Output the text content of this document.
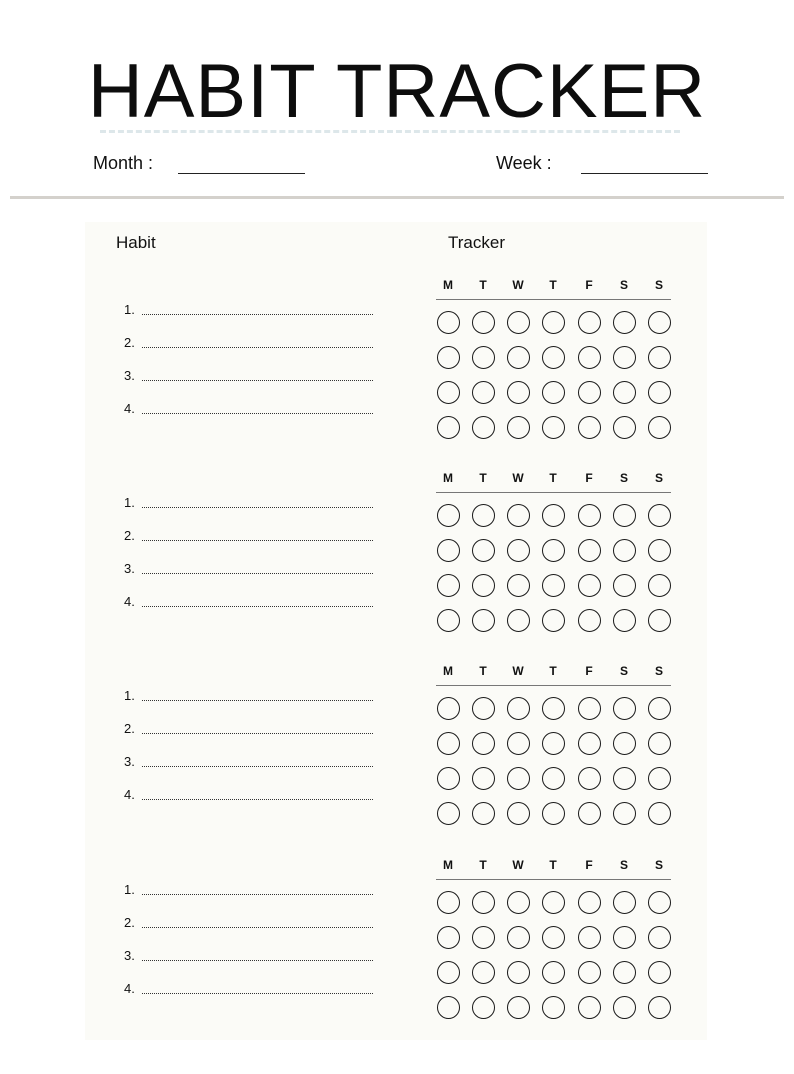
HABIT TRACKER
Month :	Week :
Habit	Tracker
1.
2.
3.
4.
M	T	W	T	F	S	S
1.
2.
3.
4.
M	T	W	T	F	S	S
1.
2.
3.
4.
M	T	W	T	F	S	S
1.
2.
3.
4.
M	T	W	T	F	S	S
